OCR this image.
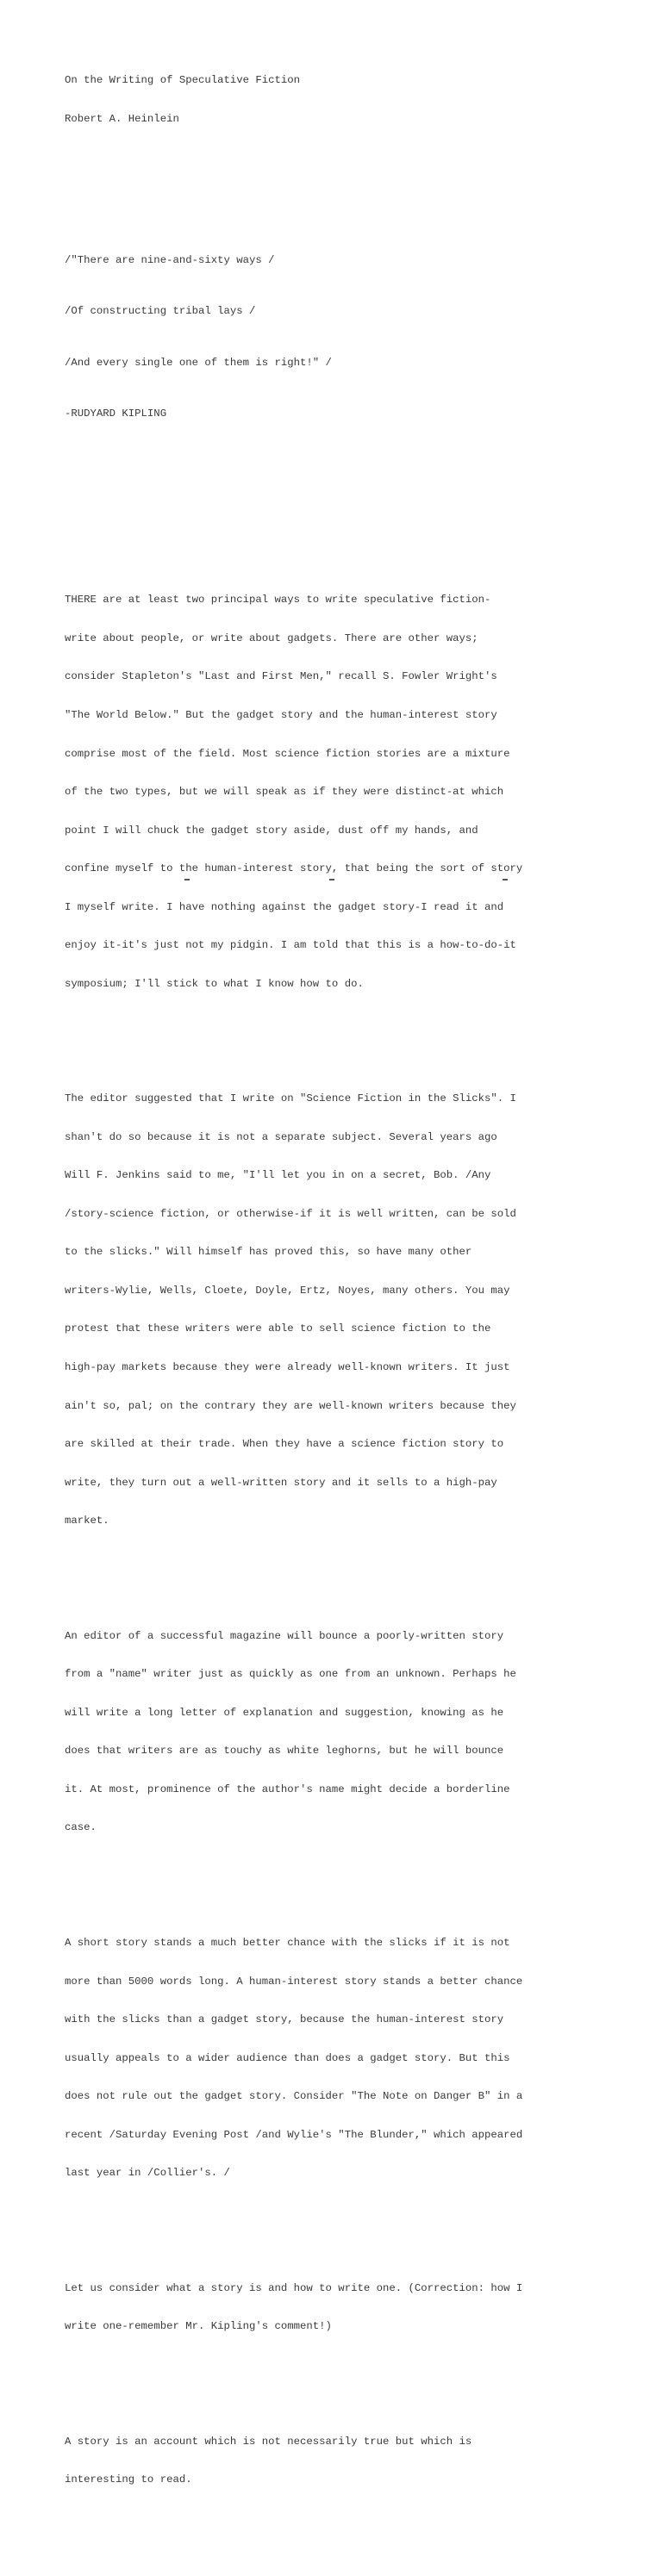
On the Writing of Speculative Fiction

Robert A. Heinlein

/"There are nine-and-sixty ways /

/Of constructing tribal lays /

/And every single one of them is right!" /

-RUDYARD KIPLING

THERE are at least two principal ways to write speculative fiction-

write about people, or write about gadgets. There are other ways;

consider Stapleton's "Last and First Men," recall S. Fowler Wright's

"The World Below." But the gadget story and the human-interest story

comprise most of the field. Most science fiction stories are a mixture

of the two types, but we will speak as if they were distinct-at which

point I will chuck the gadget story aside, dust off my hands, and

confine myself to the human-interest story, that being the sort of story

I myself write. I have nothing against the gadget story-I read it and

enjoy it-it's just not my pidgin. I am told that this is a how-to-do-it

symposium; I'll stick to what I know how to do.

The editor suggested that I write on "Science Fiction in the Slicks". I

shan't do so because it is not a separate subject. Several years ago

Will F. Jenkins said to me, "I'll let you in on a secret, Bob. /Any

/story-science fiction, or otherwise-if it is well written, can be sold

to the slicks." Will himself has proved this, so have many other

writers-Wylie, Wells, Cloete, Doyle, Ertz, Noyes, many others. You may

protest that these writers were able to sell science fiction to the

high-pay markets because they were already well-known writers. It just

ain't so, pal; on the contrary they are well-known writers because they

are skilled at their trade. When they have a science fiction story to

write, they turn out a well-written story and it sells to a high-pay

market.

An editor of a successful magazine will bounce a poorly-written story

from a "name" writer just as quickly as one from an unknown. Perhaps he

will write a long letter of explanation and suggestion, knowing as he

does that writers are as touchy as white leghorns, but he will bounce

it. At most, prominence of the author's name might decide a borderline

case.

A short story stands a much better chance with the slicks if it is not

more than 5000 words long. A human-interest story stands a better chance

with the slicks than a gadget story, because the human-interest story

usually appeals to a wider audience than does a gadget story. But this

does not rule out the gadget story. Consider "The Note on Danger B" in a

recent /Saturday Evening Post /and Wylie's "The Blunder," which appeared

last year in /Collier's. /

Let us consider what a story is and how to write one. (Correction: how I

write one-remember Mr. Kipling's comment!)

A story is an account which is not necessarily true but which is

interesting to read.
